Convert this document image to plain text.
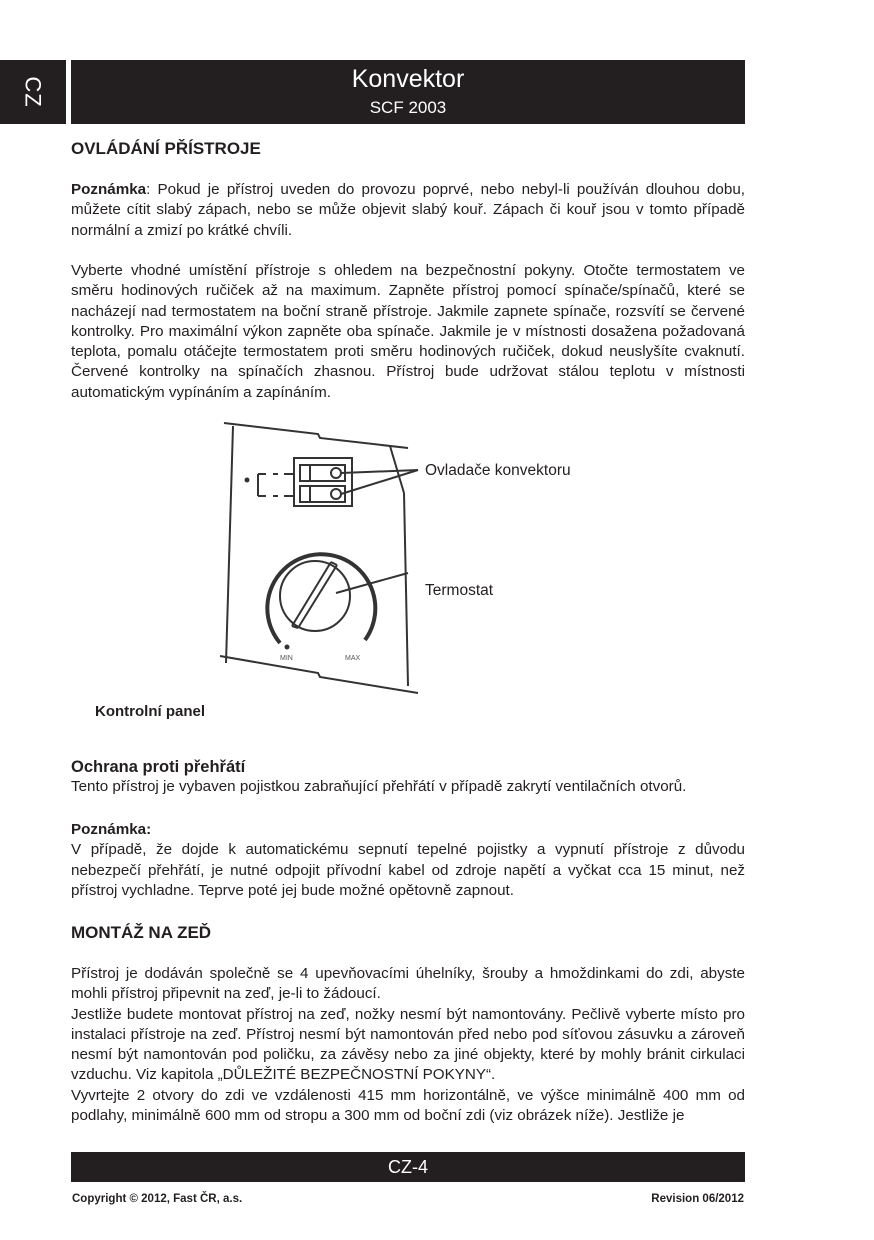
CZ	Konvektor
SCF 2003
OVLÁDÁNÍ PŘÍSTROJE

Poznámka: Pokud je přístroj uveden do provozu poprvé, nebo nebyl-li používán dlouhou dobu, můžete cítit slabý zápach, nebo se může objevit slabý kouř. Zápach či kouř jsou v tomto případě normální a zmizí po krátké chvíli.

Vyberte vhodné umístění přístroje s ohledem na bezpečnostní pokyny. Otočte termostatem ve směru hodinových ručiček až na maximum. Zapněte přístroj pomocí spínače/spínačů, které se nacházejí nad termostatem na boční straně přístroje. Jakmile zapnete spínače, rozsvítí se červené kontrolky. Pro maximální výkon zapněte oba spínače. Jakmile je v místnosti dosažena požadovaná teplota, pomalu otáčejte termostatem proti směru hodinových ručiček, dokud neuslyšíte cvaknutí. Červené kontrolky na spínačích zhasnou. Přístroj bude udržovat stálou teplotu v místnosti automatickým vypínáním a zapínáním.

MIN	MAX
Ovladače konvektoru
Termostat
Kontrolní panel
Ochrana proti přehřátí

Tento přístroj je vybaven pojistkou zabraňující přehřátí v případě zakrytí ventilačních otvorů.

Poznámka:

V případě, že dojde k automatickému sepnutí tepelné pojistky a vypnutí přístroje z důvodu nebezpečí přehřátí, je nutné odpojit přívodní kabel od zdroje napětí a vyčkat cca 15 minut, než přístroj vychladne. Teprve poté jej bude možné opětovně zapnout.

MONTÁŽ NA ZEĎ

Přístroj je dodáván společně se 4 upevňovacími úhelníky, šrouby a hmoždinkami do zdi, abyste mohli přístroj připevnit na zeď, je-li to žádoucí.

Jestliže budete montovat přístroj na zeď, nožky nesmí být namontovány. Pečlivě vyberte místo pro instalaci přístroje na zeď. Přístroj nesmí být namontován před nebo pod síťovou zásuvku a zároveň nesmí být namontován pod poličku, za závěsy nebo za jiné objekty, které by mohly bránit cirkulaci vzduchu. Viz kapitola „DŮLEŽITÉ BEZPEČNOSTNÍ POKYNY“.

Vyvrtejte 2 otvory do zdi ve vzdálenosti 415 mm horizontálně, ve výšce minimálně 400 mm od podlahy, minimálně 600 mm od stropu a 300 mm od boční zdi (viz obrázek níže). Jestliže je

CZ-4
Copyright © 2012, Fast ČR, a.s.	Revision 06/2012
